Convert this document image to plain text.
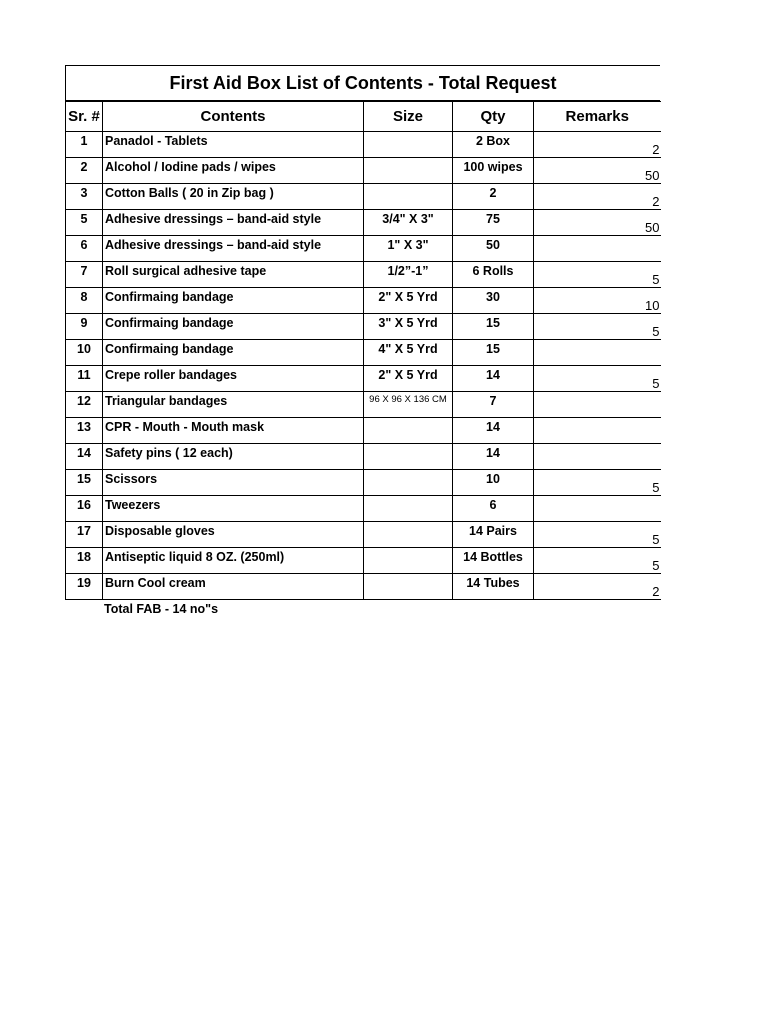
First Aid Box List of Contents - Total Request
Sr. #	Contents	Size	Qty	Remarks
1	Panadol - Tablets		2 Box	2
2	Alcohol / Iodine pads / wipes		100 wipes	50
3	Cotton Balls ( 20 in Zip bag )		2	2
5	Adhesive dressings – band-aid style	3/4" X 3"	75	50
6	Adhesive dressings – band-aid style	1" X 3"	50	
7	Roll surgical adhesive tape	1/2”-1”	6 Rolls	5
8	Confirmaing bandage	2" X 5 Yrd	30	10
9	Confirmaing bandage	3" X 5 Yrd	15	5
10	Confirmaing bandage	4" X 5 Yrd	15	
11	Crepe roller bandages	2" X 5 Yrd	14	5
12	Triangular bandages	96 X 96 X 136 CM	7	
13	CPR - Mouth - Mouth mask		14	
14	Safety pins ( 12 each)		14	
15	Scissors		10	5
16	Tweezers		6	
17	Disposable gloves		14 Pairs	5
18	Antiseptic liquid 8 OZ. (250ml)		14 Bottles	5
19	Burn Cool cream		14 Tubes	2
Total FAB - 14 no"s
